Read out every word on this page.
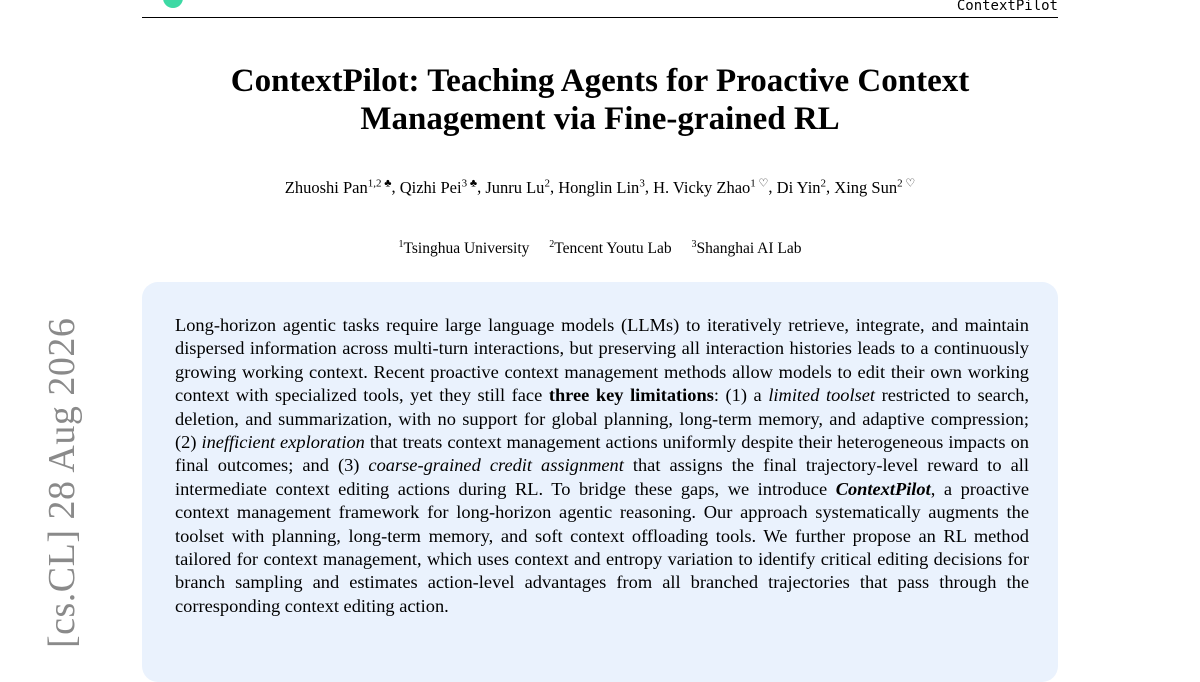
ContextPilot
[cs.CL] 28 Aug 2026
ContextPilot: Teaching Agents for Proactive Context Management via Fine-grained RL
Zhuoshi Pan$^{1,2 ♣}$, Qizhi Pei$^{3 ♣}$, Junru Lu$^2$, Honglin Lin$^3$, H. Vicky Zhao$^{1 ♡}$, Di Yin$^2$, Xing Sun$^{2 ♡}$
$^1$Tsinghua University $^2$Tencent Youtu Lab $^3$Shanghai AI Lab
Long-horizon agentic tasks require large language models (LLMs) to iteratively retrieve, integrate, and maintain dispersed information across multi-turn interactions, but preserving all interaction histories leads to a continuously growing working context. Recent proactive context management methods allow models to edit their own working context with specialized tools, yet they still face three key limitations: (1) a limited toolset restricted to search, deletion, and summarization, with no support for global planning, long-term memory, and adaptive compression; (2) inefficient exploration that treats context management actions uniformly despite their heterogeneous impacts on final outcomes; and (3) coarse-grained credit assignment that assigns the final trajectory-level reward to all intermediate context editing actions during RL. To bridge these gaps, we introduce ContextPilot, a proactive context management framework for long-horizon agentic reasoning. Our approach systematically augments the toolset with planning, long-term memory, and soft context offloading tools. We further propose an RL method tailored for context management, which uses context and entropy variation to identify critical editing decisions for branch sampling and estimates action-level advantages from all branched trajectories that pass through the corresponding context editing action.
